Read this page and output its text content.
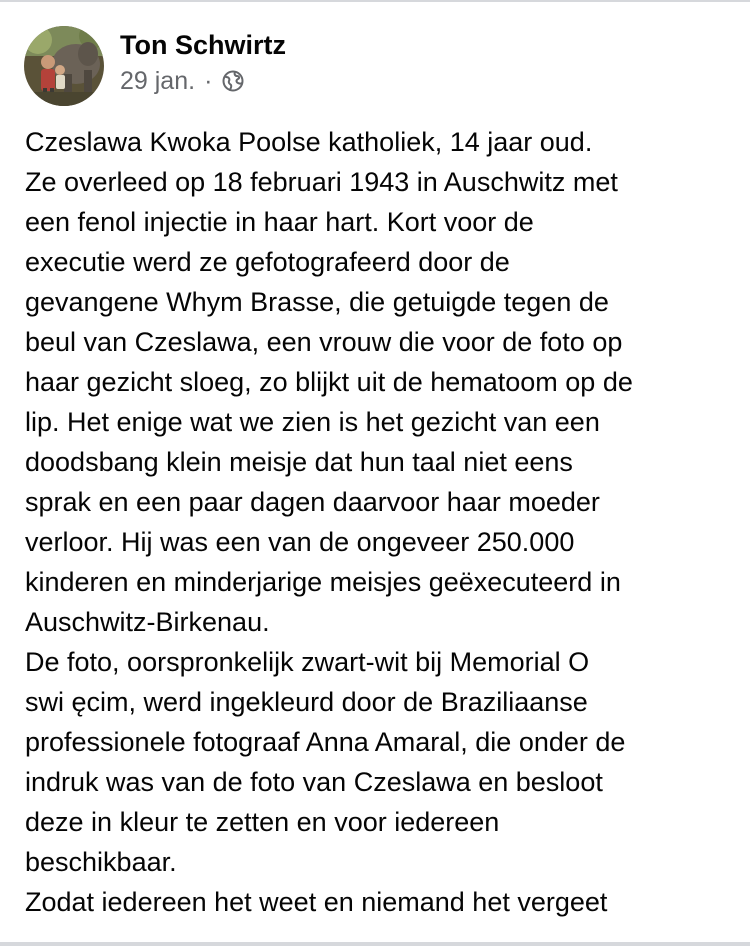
Ton Schwirtz
29 jan. ·
Czeslawa Kwoka Poolse katholiek, 14 jaar oud.
Ze overleed op 18 februari 1943 in Auschwitz met
een fenol injectie in haar hart. Kort voor de
executie werd ze gefotografeerd door de
gevangene Whym Brasse, die getuigde tegen de
beul van Czeslawa, een vrouw die voor de foto op
haar gezicht sloeg, zo blijkt uit de hematoom op de
lip. Het enige wat we zien is het gezicht van een
doodsbang klein meisje dat hun taal niet eens
sprak en een paar dagen daarvoor haar moeder
verloor. Hij was een van de ongeveer 250.000
kinderen en minderjarige meisjes geëxecuteerd in
Auschwitz-Birkenau.
De foto, oorspronkelijk zwart-wit bij Memorial O
swi ęcim, werd ingekleurd door de Braziliaanse
professionele fotograaf Anna Amaral, die onder de
indruk was van de foto van Czeslawa en besloot
deze in kleur te zetten en voor iedereen
beschikbaar.
Zodat iedereen het weet en niemand het vergeet
